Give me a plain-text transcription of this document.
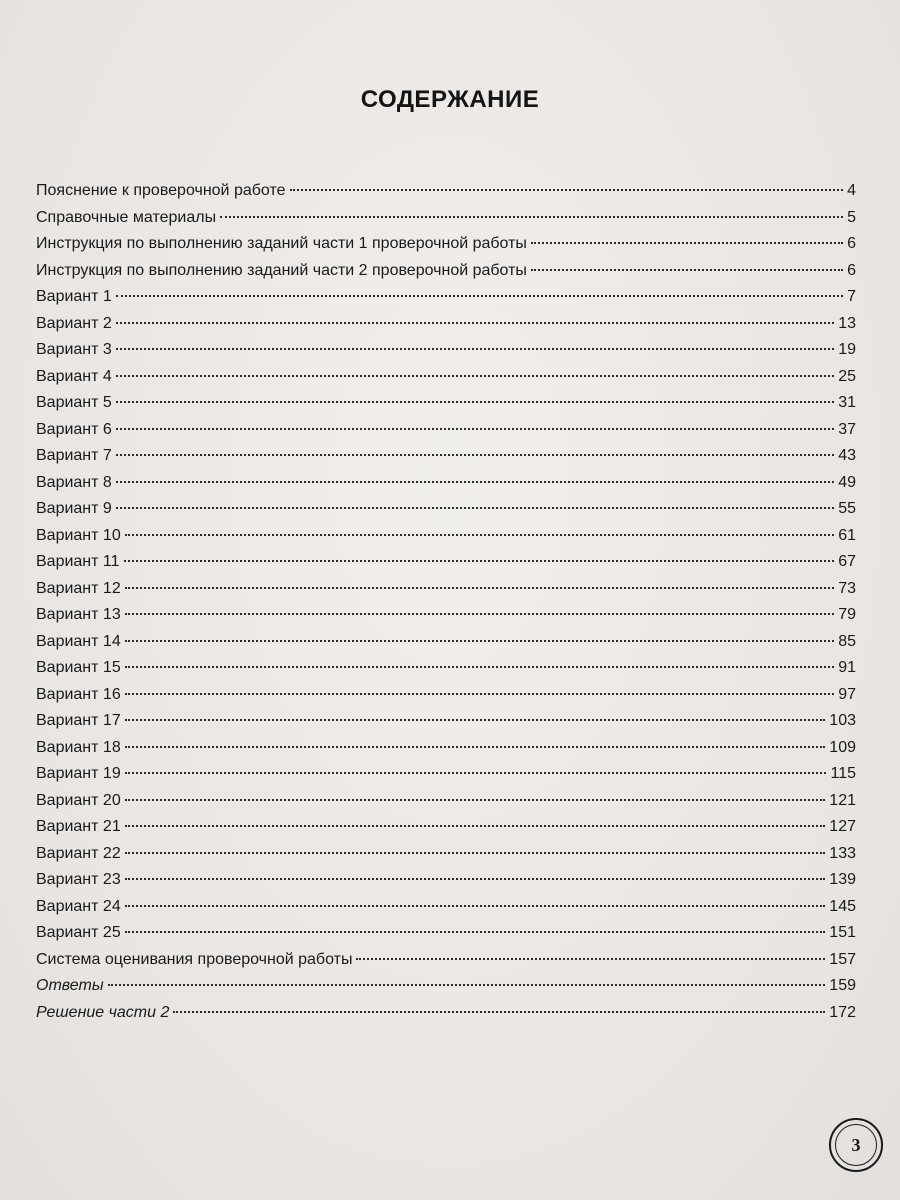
СОДЕРЖАНИЕ
Пояснение к проверочной работе	4
Справочные материалы	5
Инструкция по выполнению заданий части 1 проверочной работы	6
Инструкция по выполнению заданий части 2 проверочной работы	6
Вариант 1	7
Вариант 2	13
Вариант 3	19
Вариант 4	25
Вариант 5	31
Вариант 6	37
Вариант 7	43
Вариант 8	49
Вариант 9	55
Вариант 10	61
Вариант 11	67
Вариант 12	73
Вариант 13	79
Вариант 14	85
Вариант 15	91
Вариант 16	97
Вариант 17	103
Вариант 18	109
Вариант 19	115
Вариант 20	121
Вариант 21	127
Вариант 22	133
Вариант 23	139
Вариант 24	145
Вариант 25	151
Система оценивания проверочной работы	157
Ответы	159
Решение части 2	172
3
